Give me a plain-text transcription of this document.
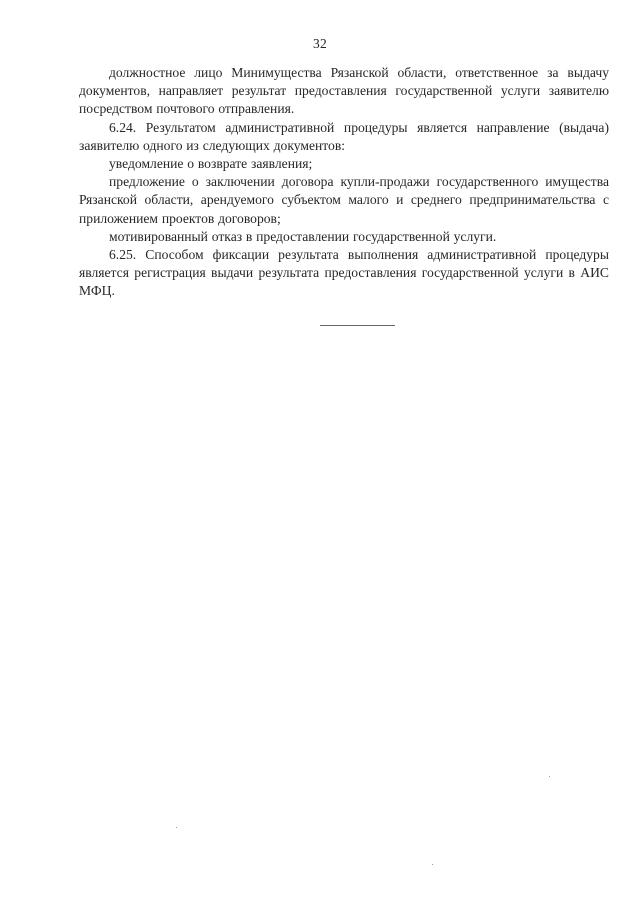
32

должностное лицо Минимущества Рязанской области, ответственное за выдачу документов, направляет результат предоставления государственной услуги заявителю посредством почтового отправления.

6.24. Результатом административной процедуры является направление (выдача) заявителю одного из следующих документов:

уведомление о возврате заявления;

предложение о заключении договора купли-продажи государственного имущества Рязанской области, арендуемого субъектом малого и среднего предпринимательства с приложением проектов договоров;

мотивированный отказ в предоставлении государственной услуги.

6.25. Способом фиксации результата выполнения административной процедуры является регистрация выдачи результата предоставления государственной услуги в АИС МФЦ.
